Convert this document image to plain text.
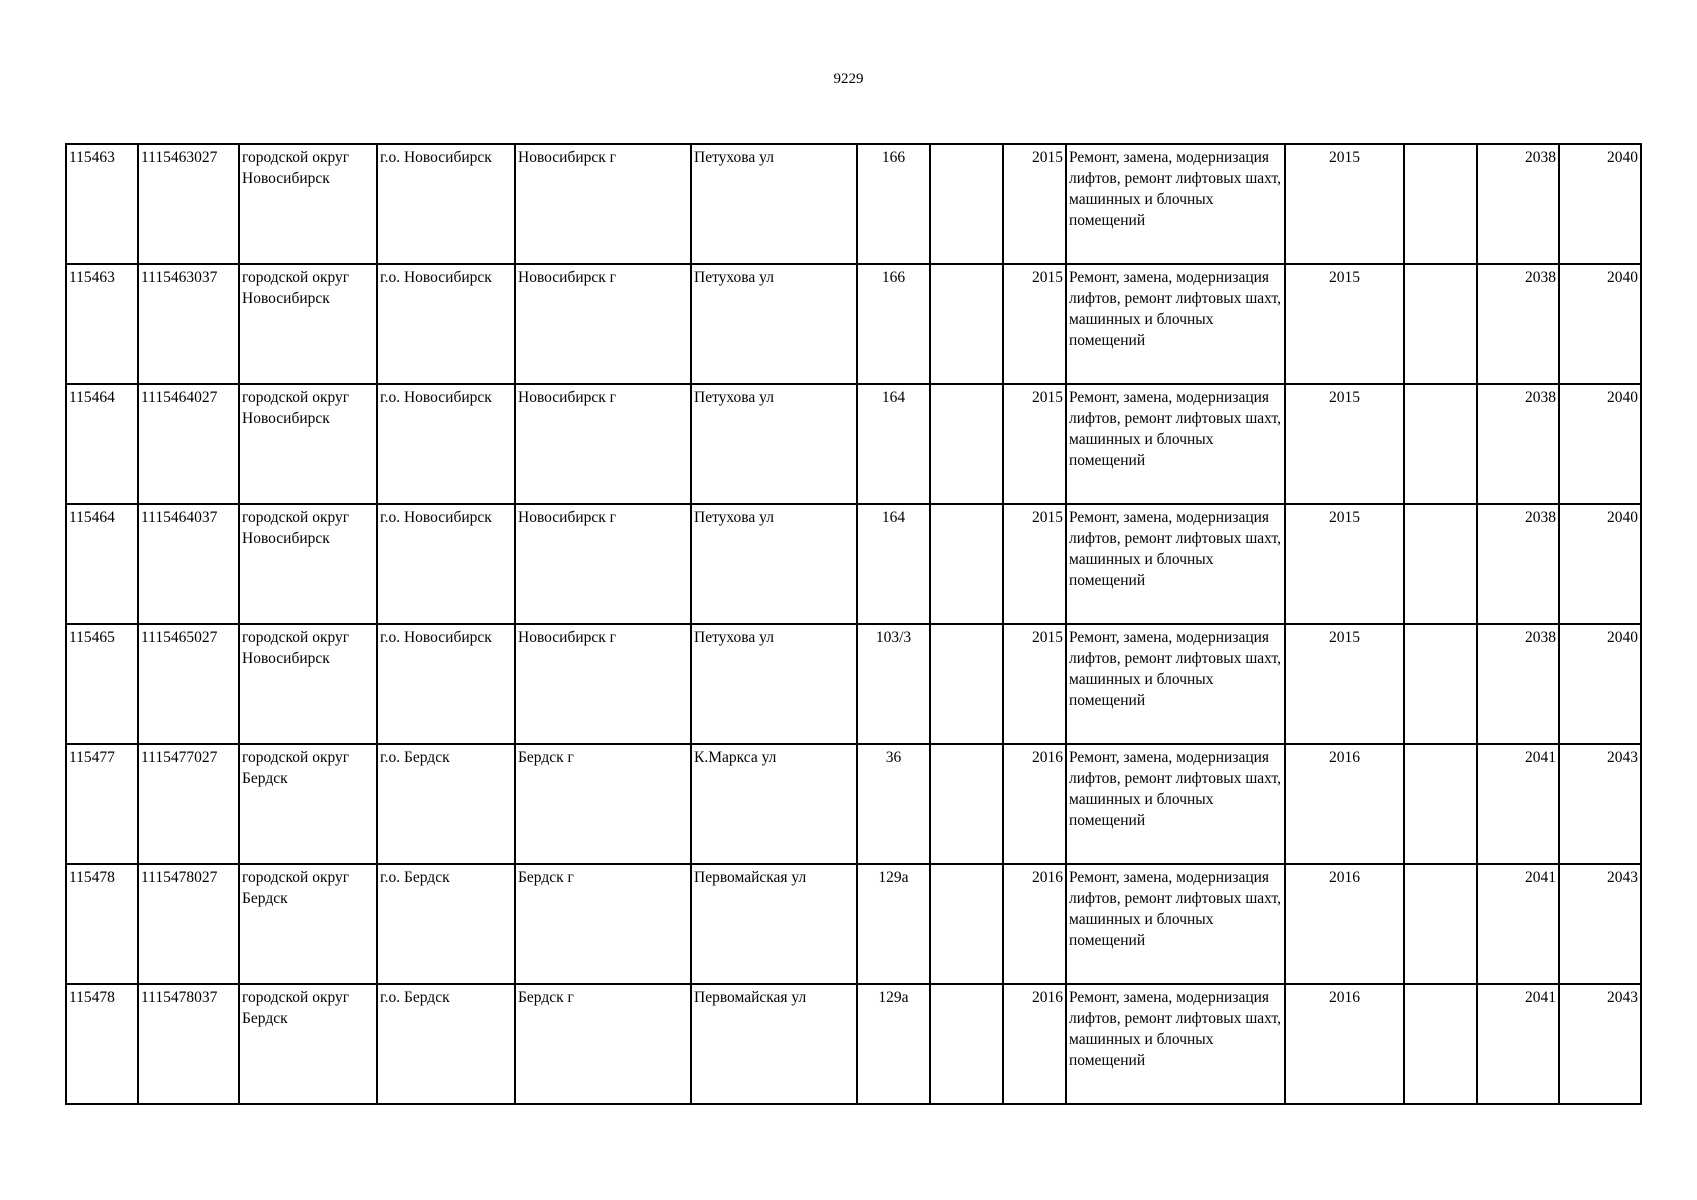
9229
115463	1115463027	городской округ Новосибирск	г.о. Новосибирск	Новосибирск г	Петухова ул	166		2015	Ремонт, замена, модернизация лифтов, ремонт лифтовых шахт, машинных и блочных помещений	2015		2038	2040
115463	1115463037	городской округ Новосибирск	г.о. Новосибирск	Новосибирск г	Петухова ул	166		2015	Ремонт, замена, модернизация лифтов, ремонт лифтовых шахт, машинных и блочных помещений	2015		2038	2040
115464	1115464027	городской округ Новосибирск	г.о. Новосибирск	Новосибирск г	Петухова ул	164		2015	Ремонт, замена, модернизация лифтов, ремонт лифтовых шахт, машинных и блочных помещений	2015		2038	2040
115464	1115464037	городской округ Новосибирск	г.о. Новосибирск	Новосибирск г	Петухова ул	164		2015	Ремонт, замена, модернизация лифтов, ремонт лифтовых шахт, машинных и блочных помещений	2015		2038	2040
115465	1115465027	городской округ Новосибирск	г.о. Новосибирск	Новосибирск г	Петухова ул	103/3		2015	Ремонт, замена, модернизация лифтов, ремонт лифтовых шахт, машинных и блочных помещений	2015		2038	2040
115477	1115477027	городской округ Бердск	г.о. Бердск	Бердск г	К.Маркса ул	36		2016	Ремонт, замена, модернизация лифтов, ремонт лифтовых шахт, машинных и блочных помещений	2016		2041	2043
115478	1115478027	городской округ Бердск	г.о. Бердск	Бердск г	Первомайская ул	129а		2016	Ремонт, замена, модернизация лифтов, ремонт лифтовых шахт, машинных и блочных помещений	2016		2041	2043
115478	1115478037	городской округ Бердск	г.о. Бердск	Бердск г	Первомайская ул	129а		2016	Ремонт, замена, модернизация лифтов, ремонт лифтовых шахт, машинных и блочных помещений	2016		2041	2043
